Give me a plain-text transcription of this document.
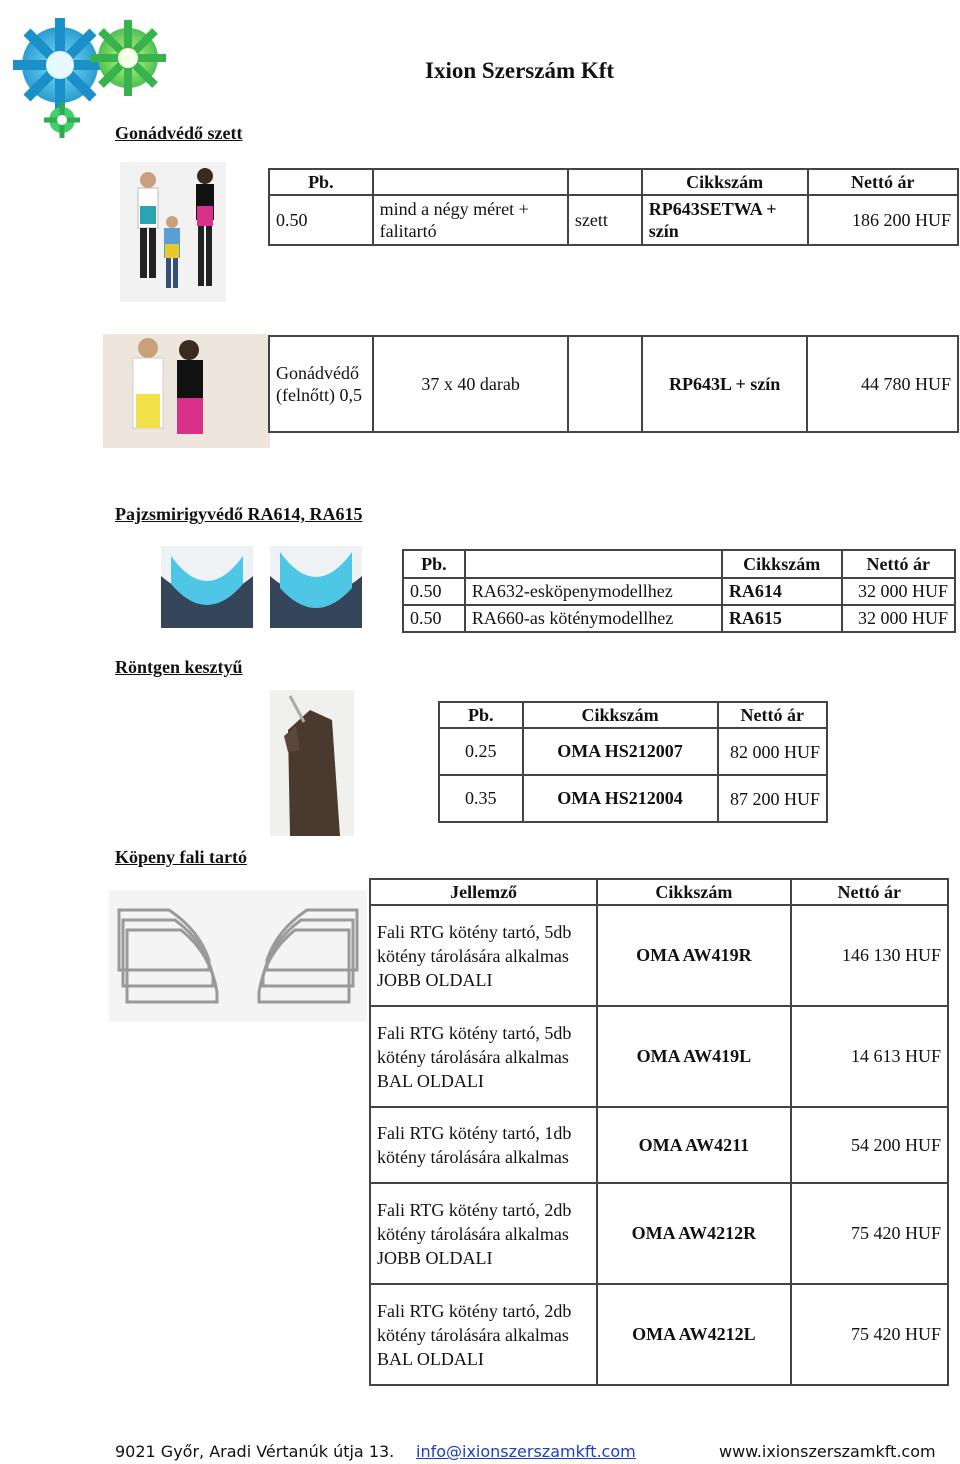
Ixion Szerszám Kft
Gonádvédő szett
Pb.			Cikkszám	Nettó ár
0.50	mind a négy méret + falitartó	szett	RP643SETWA + szín	186 200 HUF
Gonádvédő (felnőtt) 0,5	37 x 40 darab		RP643L + szín	44 780 HUF
Pajzsmirigyvédő RA614, RA615
Pb.		Cikkszám	Nettó ár
0.50	RA632-esköpenymodellhez	RA614	32 000 HUF
0.50	RA660-as köténymodellhez	RA615	32 000 HUF
Röntgen kesztyű
Pb.	Cikkszám	Nettó ár
0.25	OMA HS212007	82 000 HUF
0.35	OMA HS212004	87 200 HUF
Köpeny fali tartó
Jellemző	Cikkszám	Nettó ár
Fali RTG kötény tartó, 5db kötény tárolására alkalmas JOBB OLDALI	OMA AW419R	146 130 HUF
Fali RTG kötény tartó, 5db kötény tárolására alkalmas BAL OLDALI	OMA AW419L	14 613 HUF
Fali RTG kötény tartó, 1db kötény tárolására alkalmas	OMA AW4211	54 200 HUF
Fali RTG kötény tartó, 2db kötény tárolására alkalmas JOBB OLDALI	OMA AW4212R	75 420 HUF
Fali RTG kötény tartó, 2db kötény tárolására alkalmas BAL OLDALI	OMA AW4212L	75 420 HUF
9021 Győr, Aradi Vértanúk útja 13. info@ixionszerszamkft.com	www.ixionszerszamkft.com
